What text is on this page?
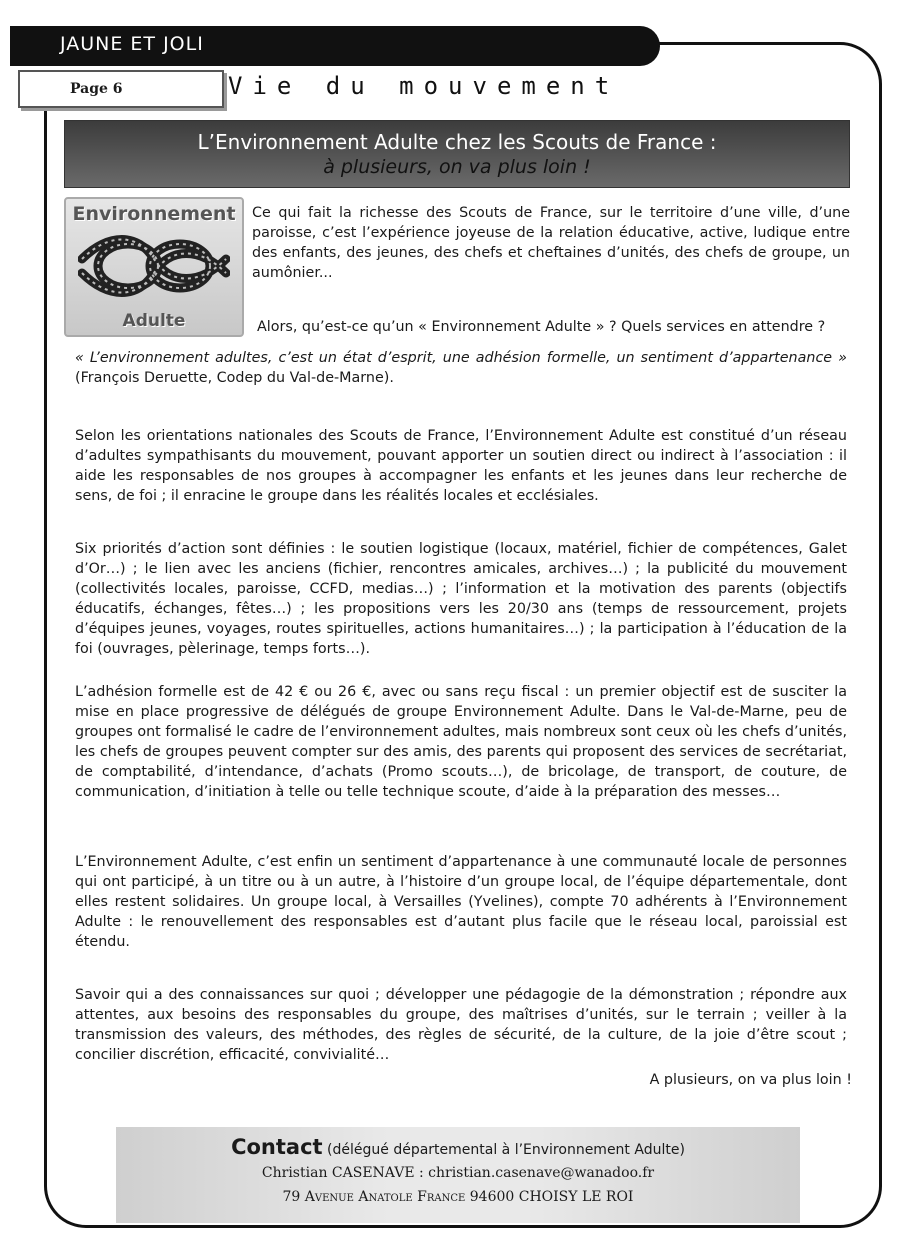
JAUNE ET JOLI
Page 6	Vie du mouvement
L’Environnement Adulte chez les Scouts de France :
à plusieurs, on va plus loin !
Environnement
Adulte
Ce qui fait la richesse des Scouts de France, sur le territoire d’une ville, d’une paroisse, c’est l’expérience joyeuse de la relation éducative, active, ludique entre des enfants, des jeunes, des chefs et cheftaines d’unités, des chefs de groupe, un aumônier...
Alors, qu’est-ce qu’un « Environnement Adulte » ? Quels services en attendre ?
« L’environnement adultes, c’est un état d’esprit, une adhésion formelle, un sentiment d’appartenance » (François Deruette, Codep du Val-de-Marne).
Selon les orientations nationales des Scouts de France, l’Environnement Adulte est constitué d’un réseau d’adultes sympathisants du mouvement, pouvant apporter un soutien direct ou indirect à l’association : il aide les responsables de nos groupes à accompagner les enfants et les jeunes dans leur recherche de sens, de foi ; il enracine le groupe dans les réalités locales et ecclésiales.
Six priorités d’action sont définies : le soutien logistique (locaux, matériel, fichier de compétences, Galet d’Or…) ; le lien avec les anciens (fichier, rencontres amicales, archives…) ; la publicité du mouvement (collectivités locales, paroisse, CCFD, medias…) ; l’information et la motivation des parents (objectifs éducatifs, échanges, fêtes…) ; les propositions vers les 20/30 ans (temps de ressourcement, projets d’équipes jeunes, voyages, routes spirituelles, actions humanitaires…) ; la participation à l’éducation de la foi (ouvrages, pèlerinage, temps forts…).
L’adhésion formelle est de 42 € ou 26 €, avec ou sans reçu fiscal : un premier objectif est de susciter la mise en place progressive de délégués de groupe Environnement Adulte. Dans le Val-de-Marne, peu de groupes ont formalisé le cadre de l’environnement adultes, mais nombreux sont ceux où les chefs d’unités, les chefs de groupes peuvent compter sur des amis, des parents qui proposent des services de secrétariat, de comptabilité, d’intendance, d’achats (Promo scouts…), de bricolage, de transport, de couture, de communication, d’initiation à telle ou telle technique scoute, d’aide à la préparation des messes…
L’Environnement Adulte, c’est enfin un sentiment d’appartenance à une communauté locale de personnes qui ont participé, à un titre ou à un autre, à l’histoire d’un groupe local, de l’équipe départementale, dont elles restent solidaires. Un groupe local, à Versailles (Yvelines), compte 70 adhérents à l’Environnement Adulte : le renouvellement des responsables est d’autant plus facile que le réseau local, paroissial est étendu.
Savoir qui a des connaissances sur quoi ; développer une pédagogie de la démonstration ; répondre aux attentes, aux besoins des responsables du groupe, des maîtrises d’unités, sur le terrain ; veiller à la transmission des valeurs, des méthodes, des règles de sécurité, de la culture, de la joie d’être scout ; concilier discrétion, efficacité, convivialité…
A plusieurs, on va plus loin !
Contact (délégué départemental à l’Environnement Adulte)
Christian CASENAVE : christian.casenave@wanadoo.fr
79 Avenue Anatole France 94600 CHOISY LE ROI
